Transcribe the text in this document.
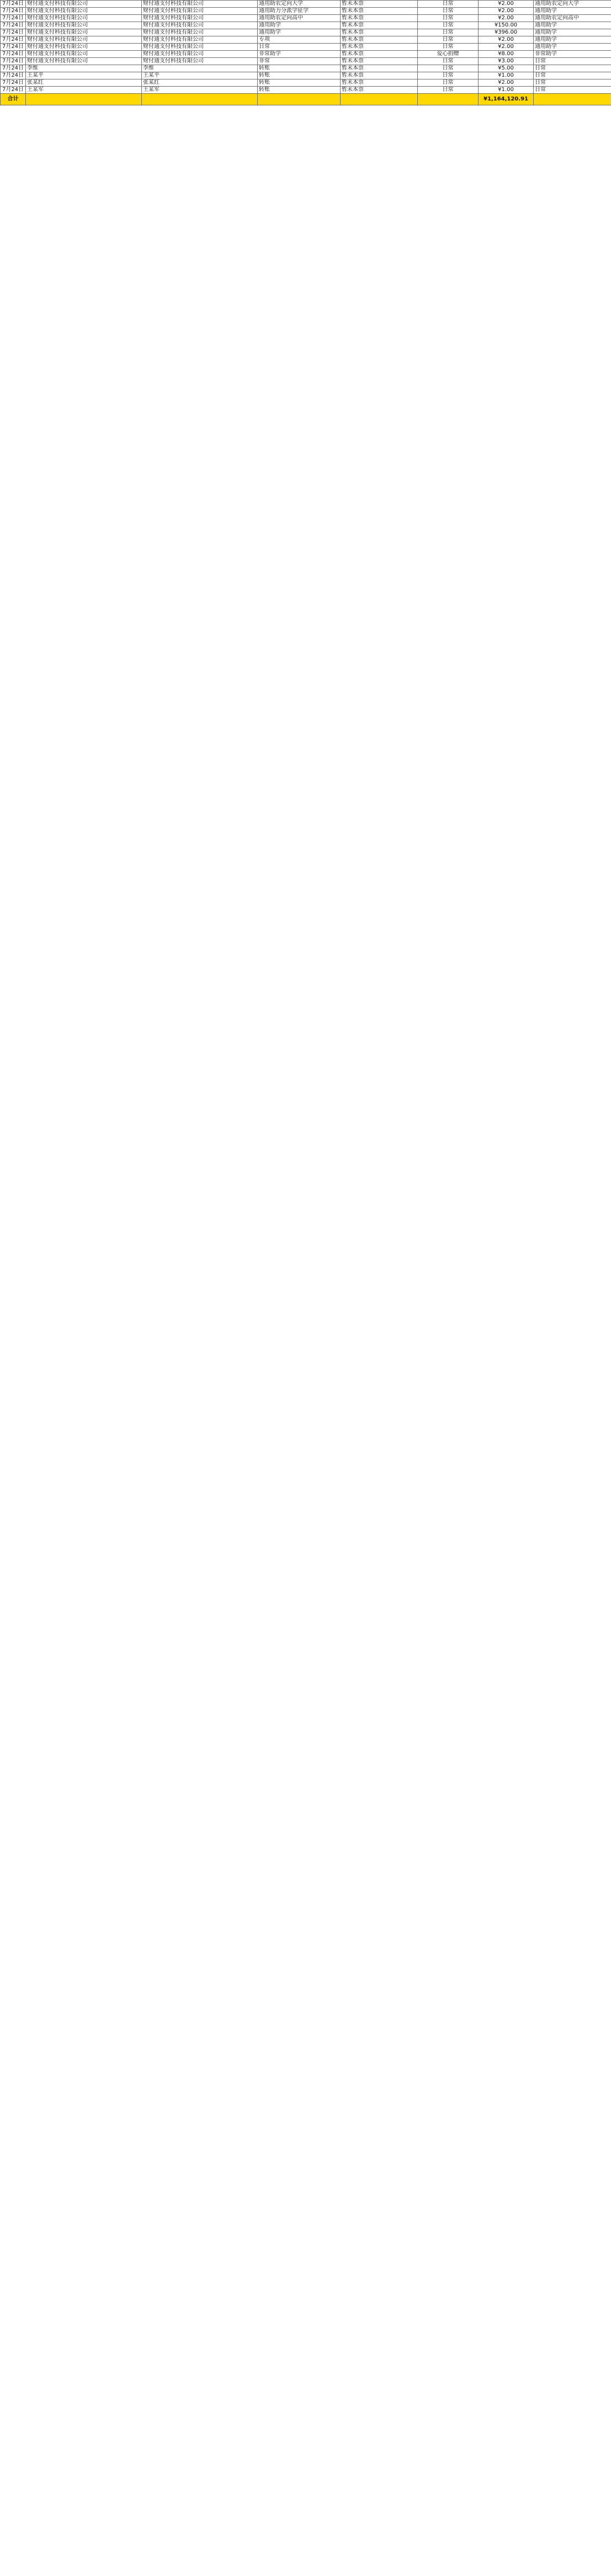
7月24日	财付通支付科技有限公司	财付通支付科技有限公司	通用助农定向大学	暂未本票	日常	¥2.00	通用助农定向大学
7月24日	财付通支付科技有限公司	财付通支付科技有限公司	通用助力分派学征学	暂未本票	日常	¥2.00	通用助学
7月24日	财付通支付科技有限公司	财付通支付科技有限公司	通用助农定向高中	暂未本票	日常	¥2.00	通用助农定向高中
7月24日	财付通支付科技有限公司	财付通支付科技有限公司	通用助学	暂未本票	日常	¥150.00	通用助学
7月24日	财付通支付科技有限公司	财付通支付科技有限公司	通用助学	暂未本票	日常	¥396.00	通用助学
7月24日	财付通支付科技有限公司	财付通支付科技有限公司	专项	暂未本票	日常	¥2.00	通用助学
7月24日	财付通支付科技有限公司	财付通支付科技有限公司	日常	暂未本票	日常	¥2.00	通用助学
7月24日	财付通支付科技有限公司	财付通支付科技有限公司	非常助学	暂未本票	爱心捐赠	¥8.00	非常助学
7月24日	财付通支付科技有限公司	财付通支付科技有限公司	非常	暂未本票	日常	¥3.00	日常
7月24日	李维	李维	转账	暂未本票	日常	¥5.00	日常
7月24日	王某平	王某平	转账	暂未本票	日常	¥1.00	日常
7月24日	张某红	张某红	转账	暂未本票	日常	¥2.00	日常
7月24日	王某军	王某军	转账	暂未本票	日常	¥1.00	日常
合计						¥1,164,120.91	
